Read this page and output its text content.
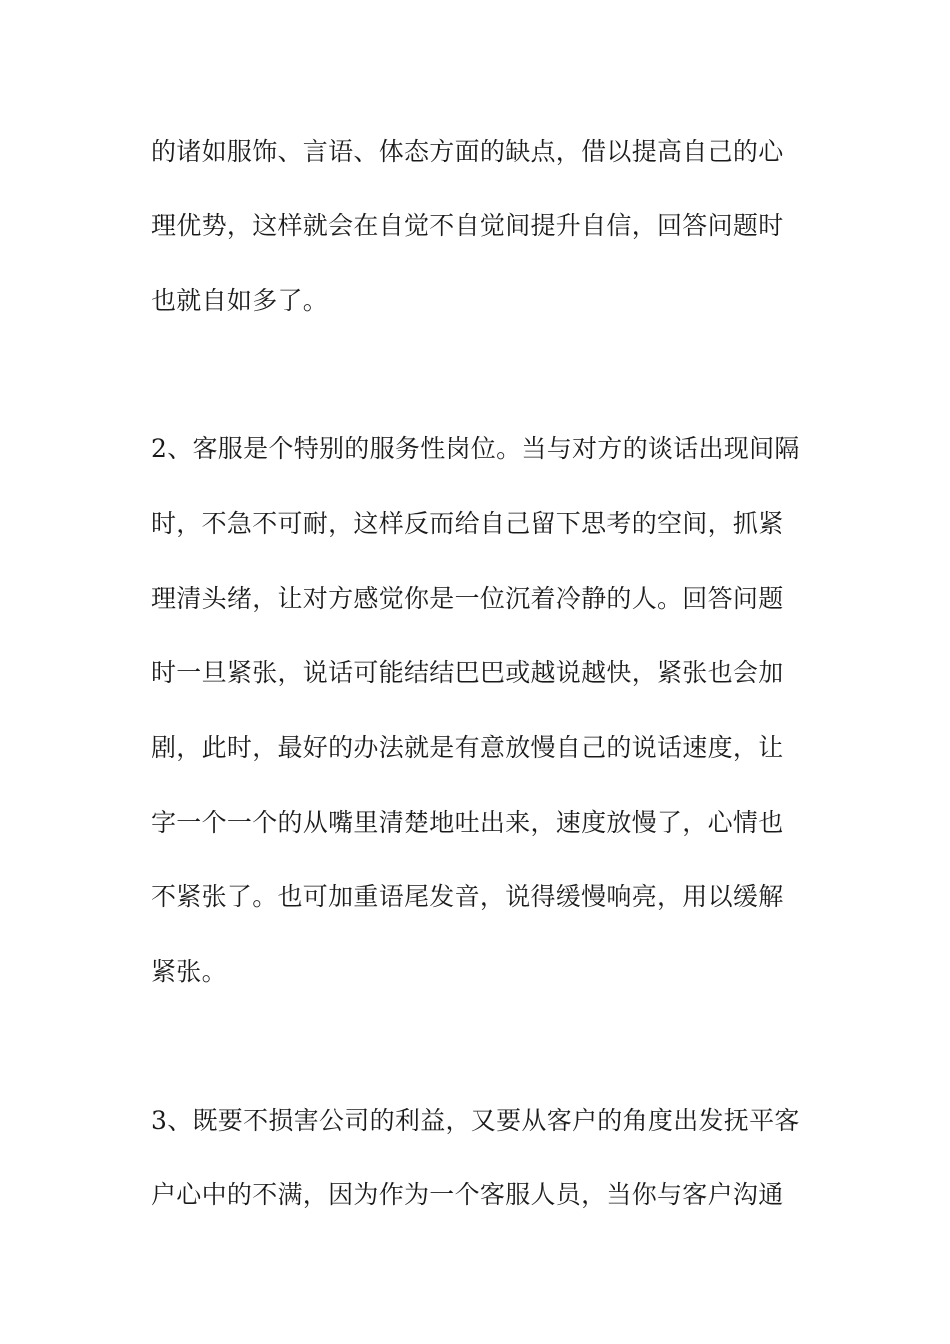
的诸如服饰、言语、体态方面的缺点，借以提高自己的心
理优势，这样就会在自觉不自觉间提升自信，回答问题时
也就自如多了。
2、客服是个特别的服务性岗位。当与对方的谈话出现间隔
时，不急不可耐，这样反而给自己留下思考的空间，抓紧
理清头绪，让对方感觉你是一位沉着冷静的人。回答问题
时一旦紧张，说话可能结结巴巴或越说越快，紧张也会加
剧，此时，最好的办法就是有意放慢自己的说话速度，让
字一个一个的从嘴里清楚地吐出来，速度放慢了，心情也
不紧张了。也可加重语尾发音，说得缓慢响亮，用以缓解
紧张。
3、既要不损害公司的利益，又要从客户的角度出发抚平客
户心中的不满，因为作为一个客服人员，当你与客户沟通
